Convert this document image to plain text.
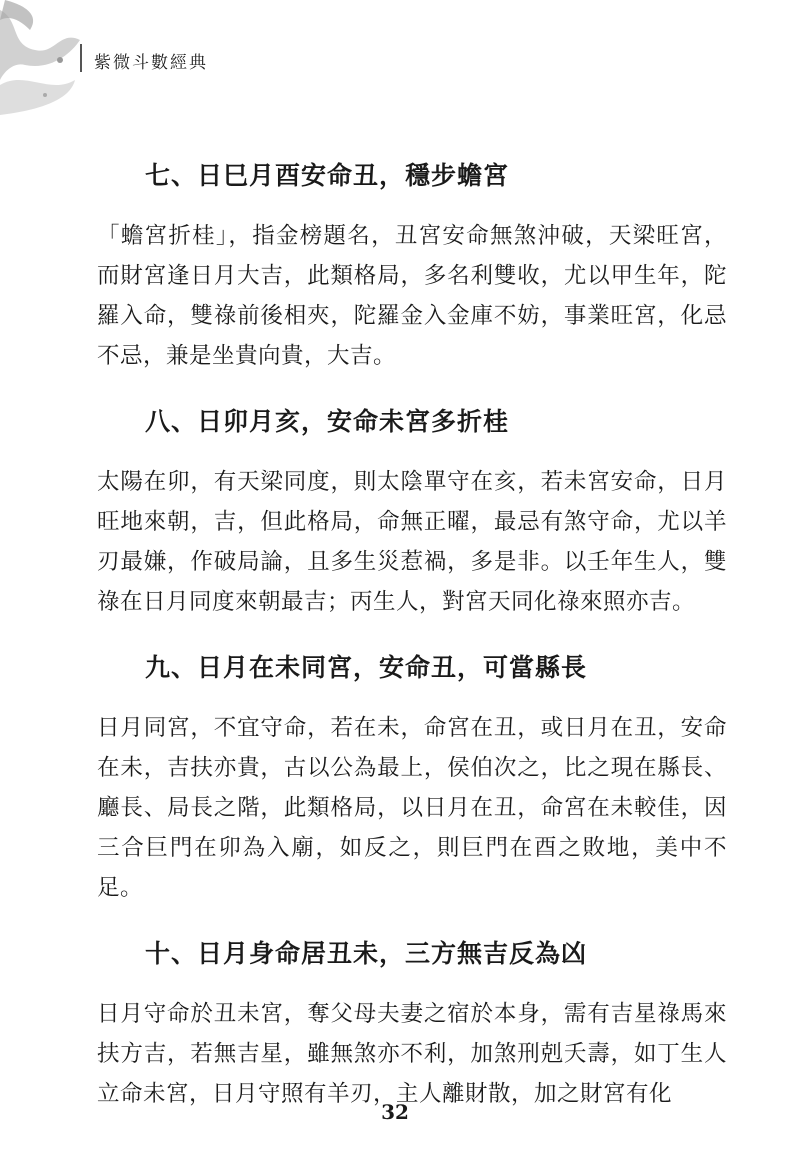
紫微斗數經典
七、日巳月酉安命丑，穩步蟾宮
「蟾宮折桂」，指金榜題名，丑宮安命無煞沖破，天梁旺宮，而財宮逢日月大吉，此類格局，多名利雙收，尤以甲生年，陀羅入命，雙祿前後相夾，陀羅金入金庫不妨，事業旺宮，化忌不忌，兼是坐貴向貴，大吉。
八、日卯月亥，安命未宮多折桂
太陽在卯，有天梁同度，則太陰單守在亥，若未宮安命，日月旺地來朝，吉，但此格局，命無正曜，最忌有煞守命，尤以羊刃最嫌，作破局論，且多生災惹禍，多是非。以壬年生人，雙祿在日月同度來朝最吉；丙生人，對宮天同化祿來照亦吉。
九、日月在未同宮，安命丑，可當縣長
日月同宮，不宜守命，若在未，命宮在丑，或日月在丑，安命在未，吉扶亦貴，古以公為最上，侯伯次之，比之現在縣長、廳長、局長之階，此類格局，以日月在丑，命宮在未較佳，因三合巨門在卯為入廟，如反之，則巨門在酉之敗地，美中不足。
十、日月身命居丑未，三方無吉反為凶
日月守命於丑未宮，奪父母夫妻之宿於本身，需有吉星祿馬來扶方吉，若無吉星，雖無煞亦不利，加煞刑剋夭壽，如丁生人立命未宮，日月守照有羊刃，主人離財散，加之財宮有化
32
